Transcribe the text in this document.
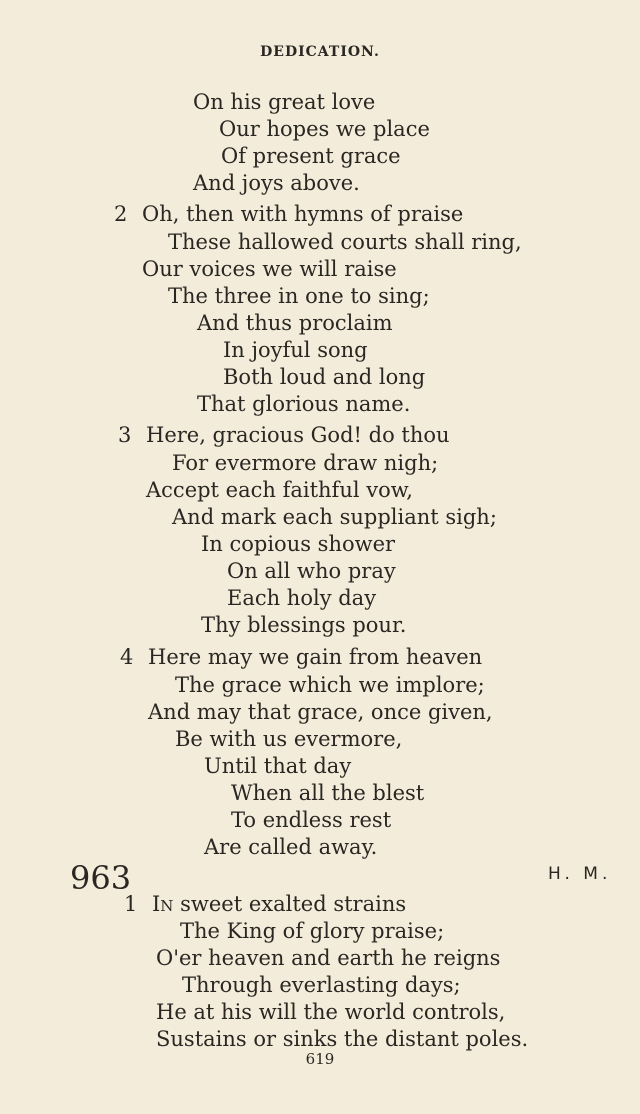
DEDICATION.
On his great love
Our hopes we place
Of present grace
And joys above.
2 Oh, then with hymns of praise
These hallowed courts shall ring,
Our voices we will raise
The three in one to sing;
And thus proclaim
In joyful song
Both loud and long
That glorious name.
3 Here, gracious God! do thou
For evermore draw nigh;
Accept each faithful vow,
And mark each suppliant sigh;
In copious shower
On all who pray
Each holy day
Thy blessings pour.
4 Here may we gain from heaven
The grace which we implore;
And may that grace, once given,
Be with us evermore,
Until that day
When all the blest
To endless rest
Are called away.
963	H. M.
1 In sweet exalted strains
The King of glory praise;
O'er heaven and earth he reigns
Through everlasting days;
He at his will the world controls,
Sustains or sinks the distant poles.
619
